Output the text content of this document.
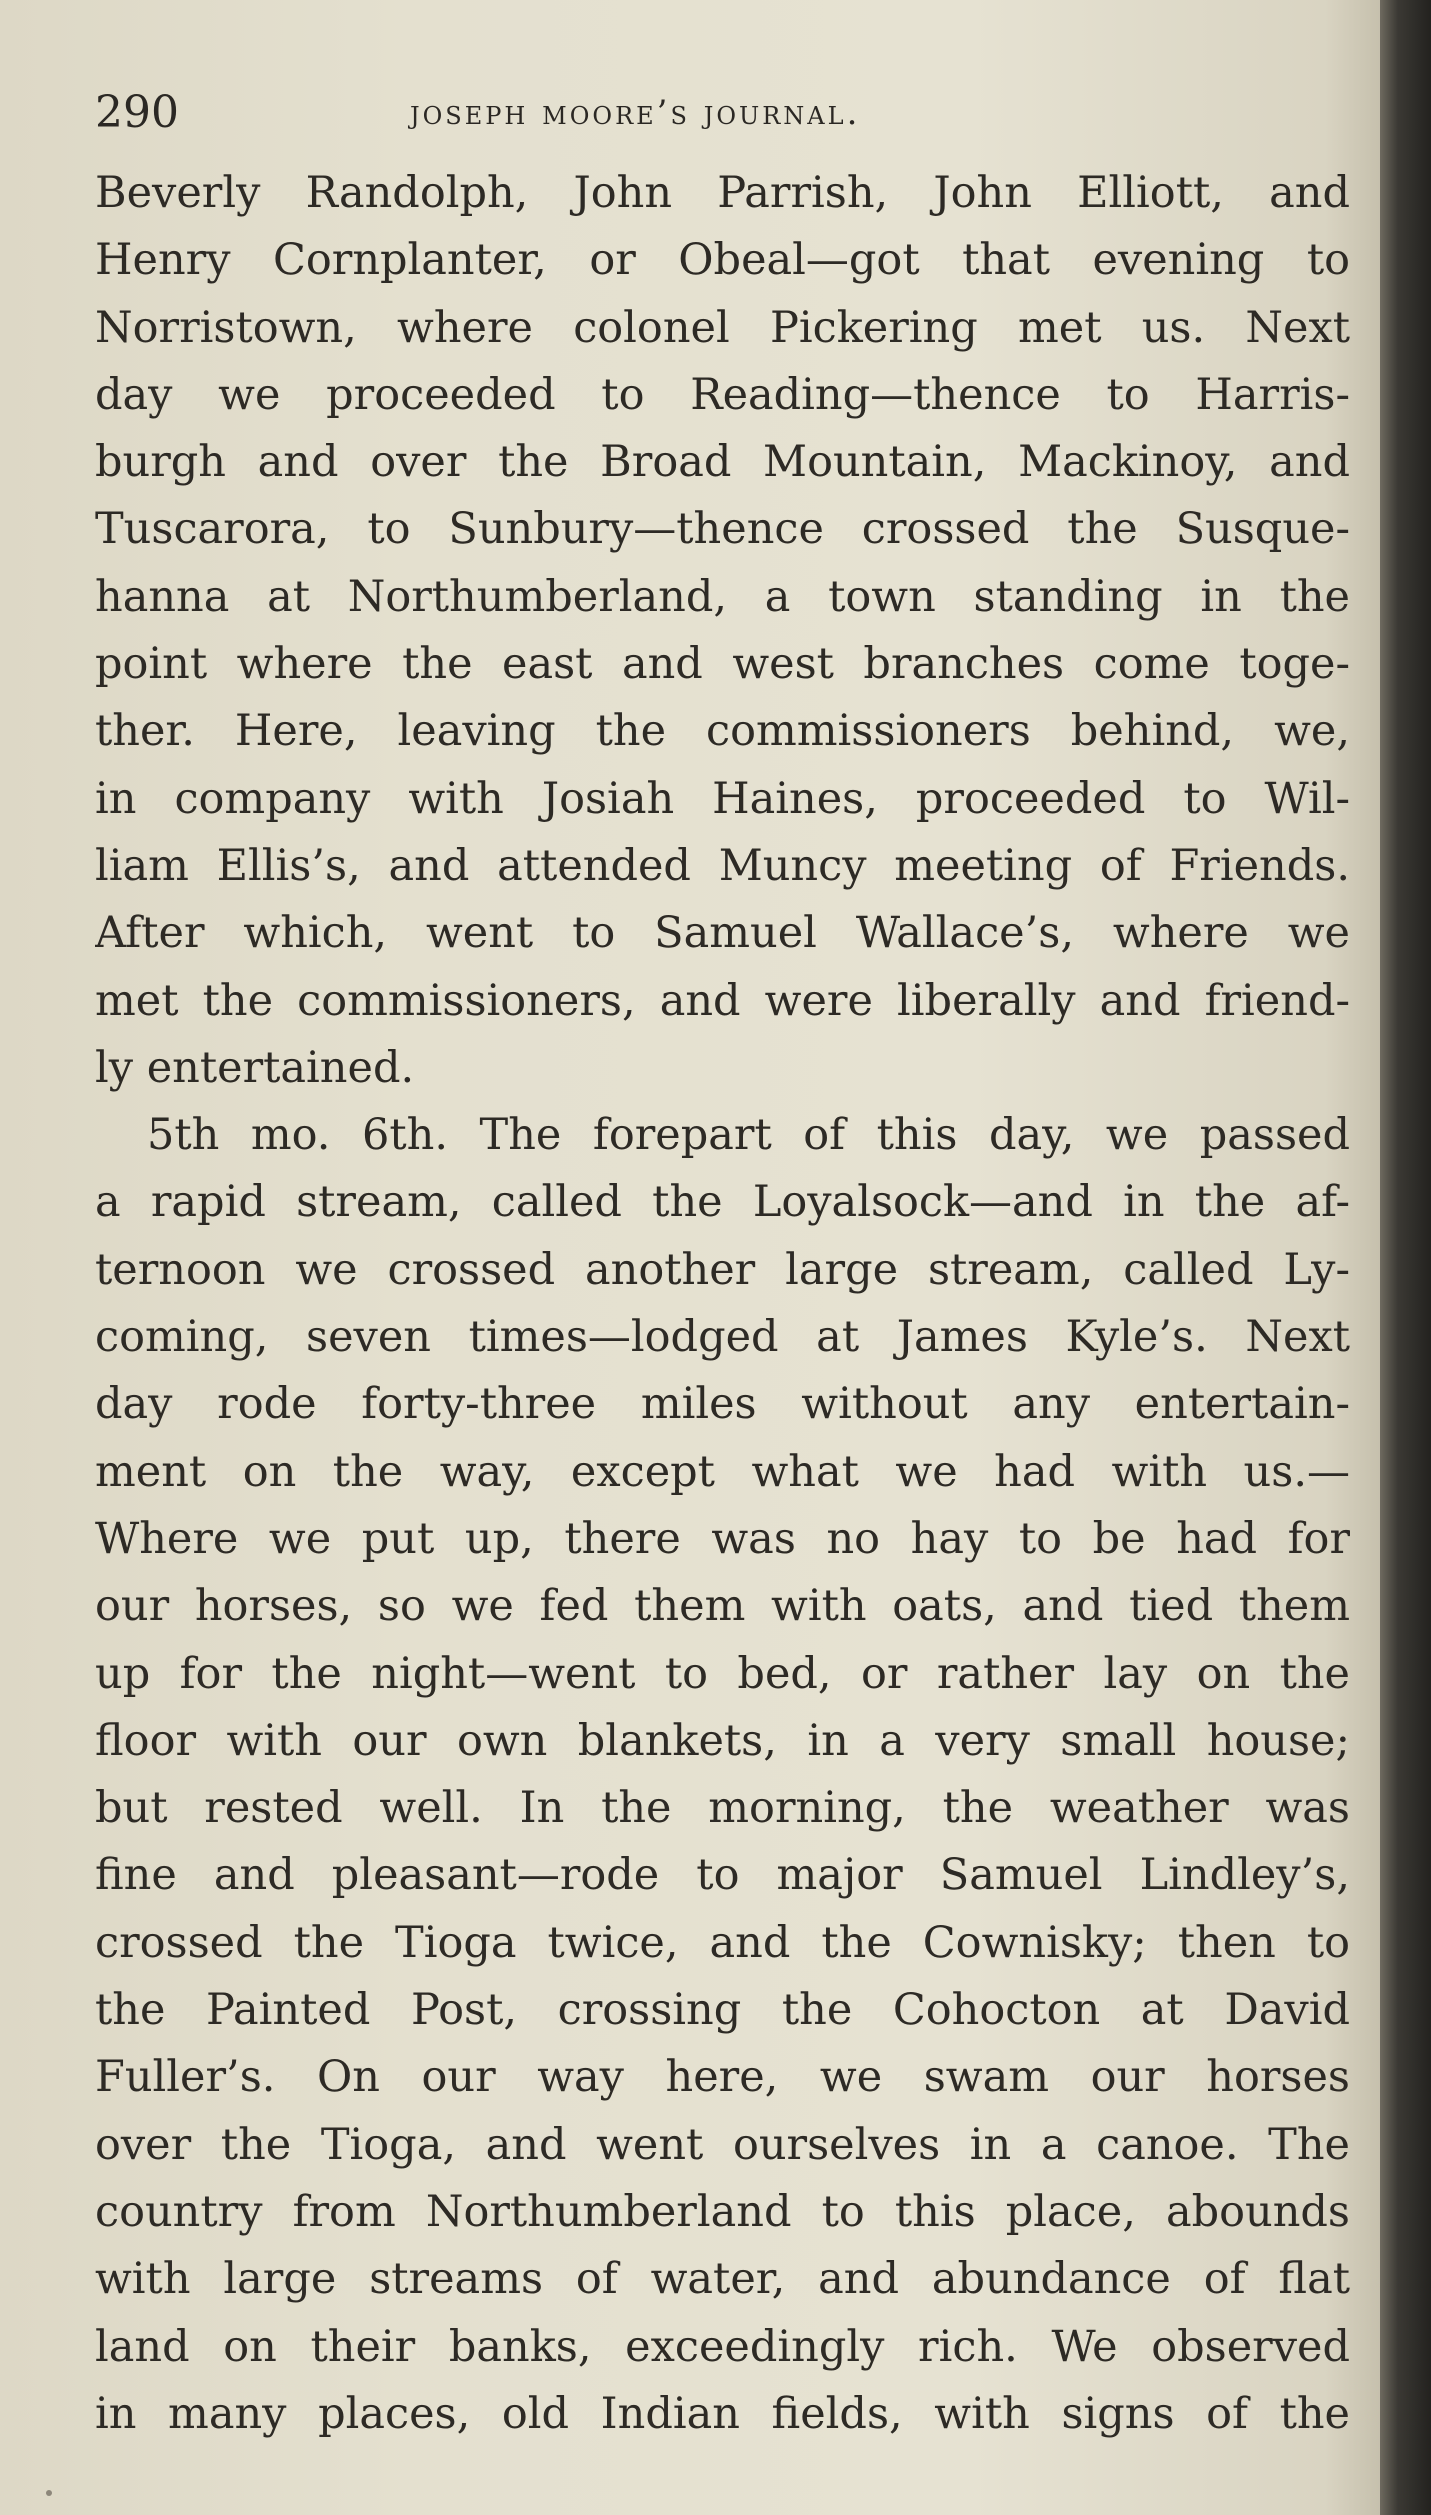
290	joseph moore’s journal.
Beverly Randolph, John Parrish, John Elliott, and
Henry Cornplanter, or Obeal—got that evening to
Norristown, where colonel Pickering met us. Next
day we proceeded to Reading—thence to Harris-
burgh and over the Broad Mountain, Mackinoy, and
Tuscarora, to Sunbury—thence crossed the Susque-
hanna at Northumberland, a town standing in the
point where the east and west branches come toge-
ther. Here, leaving the commissioners behind, we,
in company with Josiah Haines, proceeded to Wil-
liam Ellis’s, and attended Muncy meeting of Friends.
After which, went to Samuel Wallace’s, where we
met the commissioners, and were liberally and friend-
ly entertained.
5th mo. 6th. The forepart of this day, we passed
a rapid stream, called the Loyalsock—and in the af-
ternoon we crossed another large stream, called Ly-
coming, seven times—lodged at James Kyle’s. Next
day rode forty-three miles without any entertain-
ment on the way, except what we had with us.—
Where we put up, there was no hay to be had for
our horses, so we fed them with oats, and tied them
up for the night—went to bed, or rather lay on the
floor with our own blankets, in a very small house;
but rested well. In the morning, the weather was
fine and pleasant—rode to major Samuel Lindley’s,
crossed the Tioga twice, and the Cownisky; then to
the Painted Post, crossing the Cohocton at David
Fuller’s. On our way here, we swam our horses
over the Tioga, and went ourselves in a canoe. The
country from Northumberland to this place, abounds
with large streams of water, and abundance of flat
land on their banks, exceedingly rich. We observed
in many places, old Indian fields, with signs of the
